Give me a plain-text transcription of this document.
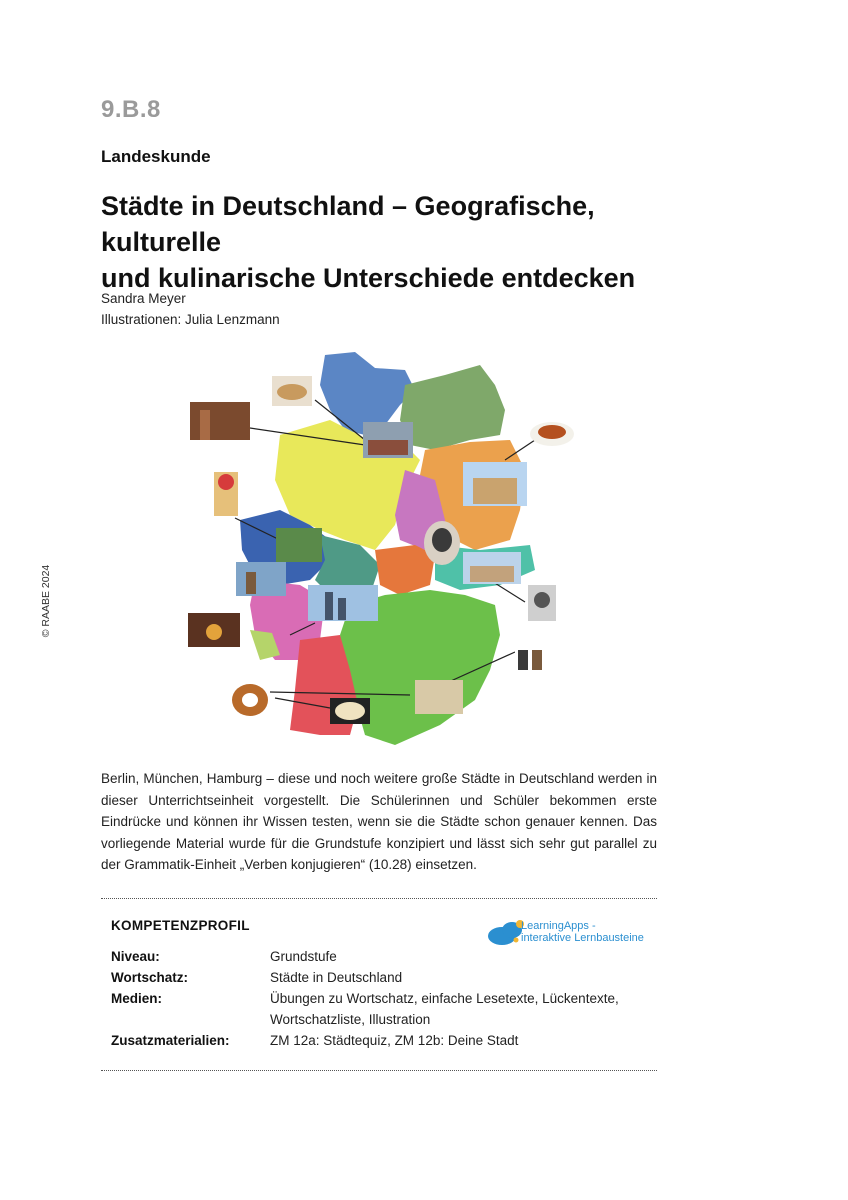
9.B.8
Landeskunde
Städte in Deutschland – Geografische, kulturelle
und kulinarische Unterschiede entdecken
Sandra Meyer
Illustrationen: Julia Lenzmann
© RAABE 2024

Berlin, München, Hamburg – diese und noch weitere große Städte in Deutschland werden in dieser Unterrichtseinheit vorgestellt. Die Schülerinnen und Schüler bekommen erste Eindrücke und können ihr Wissen testen, wenn sie die Städte schon genauer kennen. Das vorliegende Material wurde für die Grundstufe konzipiert und lässt sich sehr gut parallel zu der Grammatik-Einheit „Verben konjugieren“ (10.28) einsetzen.

KOMPETENZPROFIL	LearningApps -
interaktive Lernbausteine
Niveau:	Grundstufe
Wortschatz:	Städte in Deutschland
Medien:	Übungen zu Wortschatz, einfache Lesetexte, Lückentexte, Wortschatzliste, Illustration
Zusatzmaterialien:	ZM 12a: Städtequiz, ZM 12b: Deine Stadt
